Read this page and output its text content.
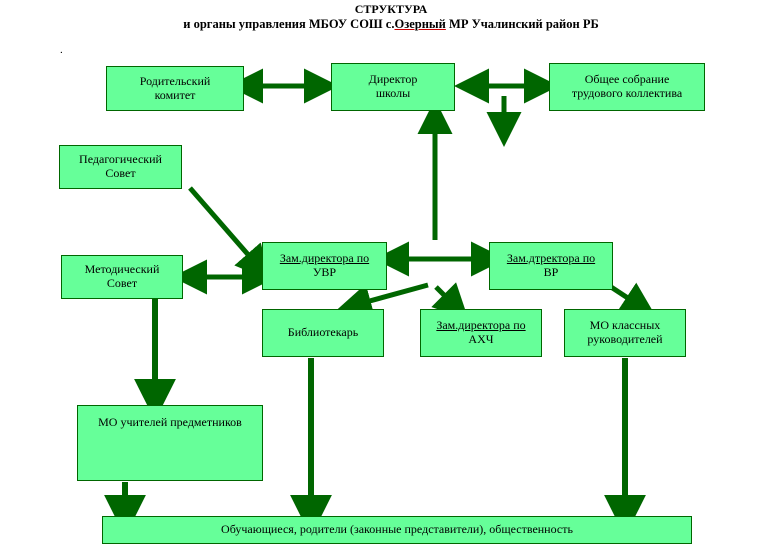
СТРУКТУРА
и органы управления МБОУ СОШ с.Озерный МР Учалинский район РБ
.
Родительский
комитет
Директор
школы
Общее собрание
трудового коллектива
Педагогический
Совет
Методический
Совет
Зам.директора по
УВР
Зам.дтректора по
ВР
Библиотекарь	Зам.директора по
АХЧ
МО классных
руководителей
МО учителей предметников
Обучающиеся, родители (законные представители), общественность
